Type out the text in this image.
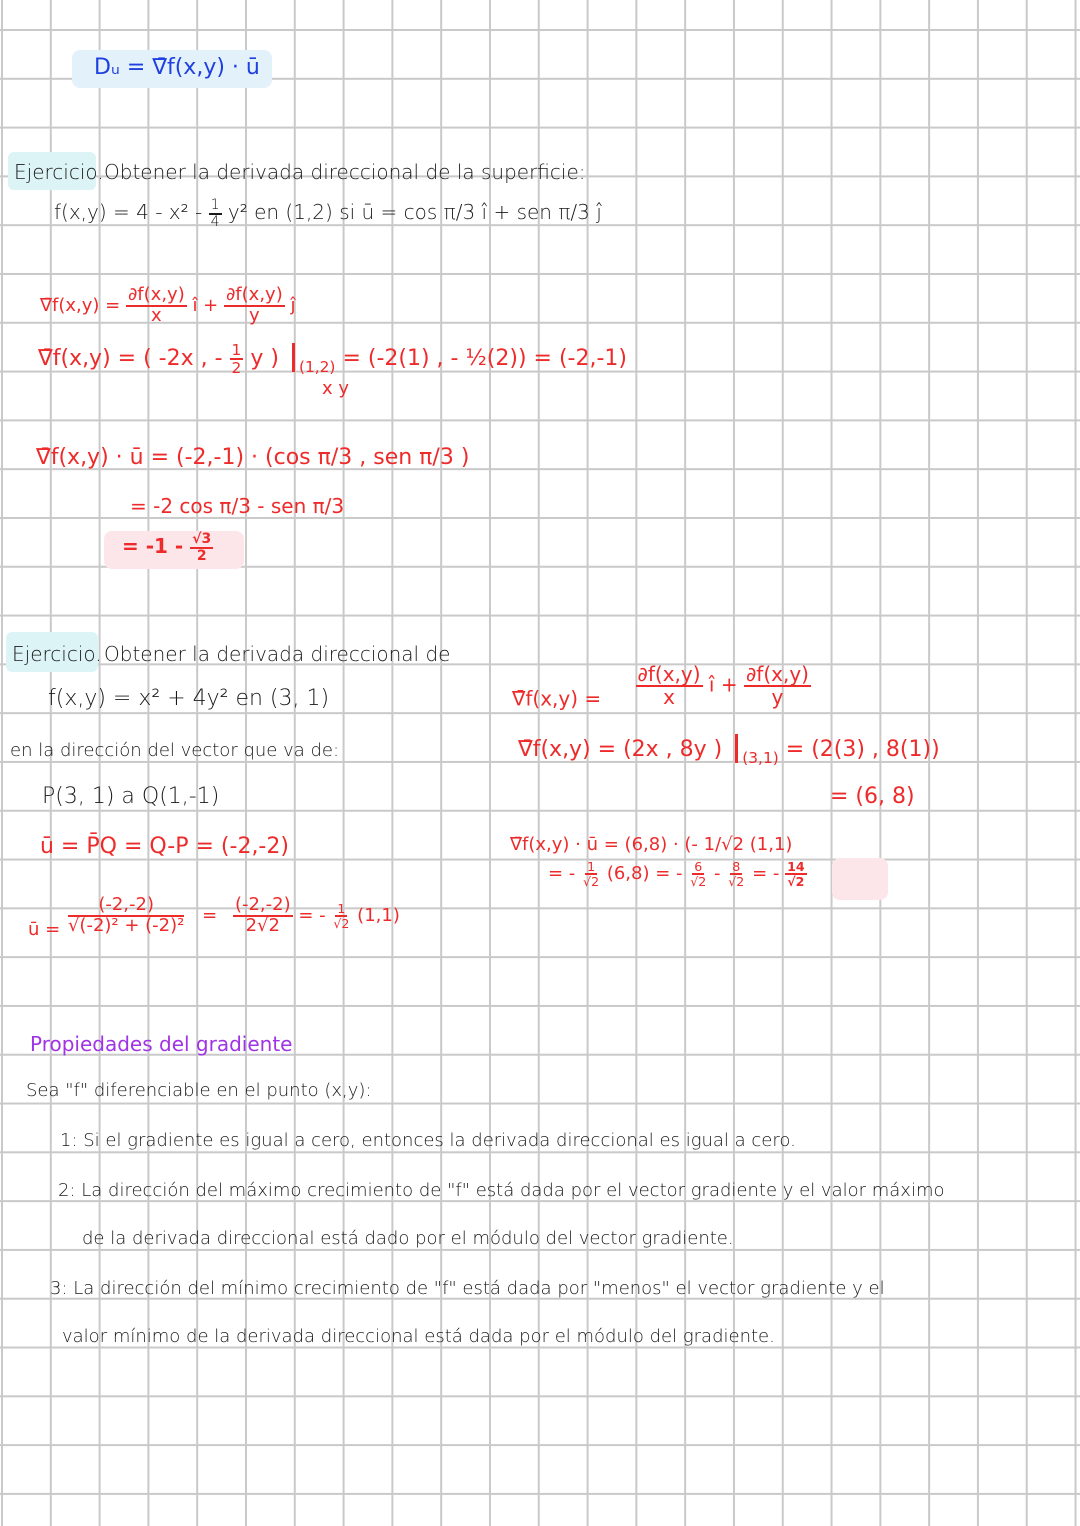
Dᵤ = ∇̄f(x,y) · ū
Ejercicio. Obtener la derivada direccional de la superficie:
$f(x,y) = 4 - x^2 - \frac{1}{4} y^2$ en (1,2) si ū = cos π/3 î + sen π/3 ĵ
∇̄f(x,y) = $\frac{\partial f(x,y)}{x}$ î + $\frac{\partial f(x,y)}{y}$ ĵ
∇̄f(x,y) = ( -2x , - $\frac{1}{2}$ y ) $_{(1,2)}$ = (-2(1) , - ½(2)) = (-2,-1)
x y
∇̄f(x,y) · ū = (-2,-1) · (cos π/3 , sen π/3 )
= -2 cos π/3 - sen π/3
= $-1 - \frac{√3}{2}$
Ejercicio. Obtener la derivada direccional de
f(x,y) = x² + 4y² en (3, 1)
en la dirección del vector que va de:
P(3, 1) a Q(1,-1)
ū = P̄Q = Q-P = (-2,-2)
ū = $\frac{(-2,-2)}{\text{√(-2)² + (-2)²}} = \frac{(-2,-2)}{2√2}$ = - $\frac{1}{√2} (1,1)$
∇̄f(x,y) = $\frac{\partial f(x,y)}{x}$ î + $\frac{\partial f(x,y)}{y}$
∇̄f(x,y) = (2x , 8y ) $_{(3,1)}$ = (2(3) , 8(1))
= (6, 8)
∇̄f(x,y) · ū = (6,8) · (- 1/√2 (1,1)
= - $\frac{1}{√2} (6,8)$ = - $\frac{6}{√2} - \frac{8}{√2}$ = - $\frac{14}{√2}$
Propiedades del gradiente
Sea "f" diferenciable en el punto (x,y):
1: Si el gradiente es igual a cero, entonces la derivada direccional es igual a cero.
2: La dirección del máximo crecimiento de "f" está dada por el vector gradiente y el valor máximo
de la derivada direccional está dado por el módulo del vector gradiente.
3: La dirección del mínimo crecimiento de "f" está dada por "menos" el vector gradiente y el
valor mínimo de la derivada direccional está dada por el módulo del gradiente.
